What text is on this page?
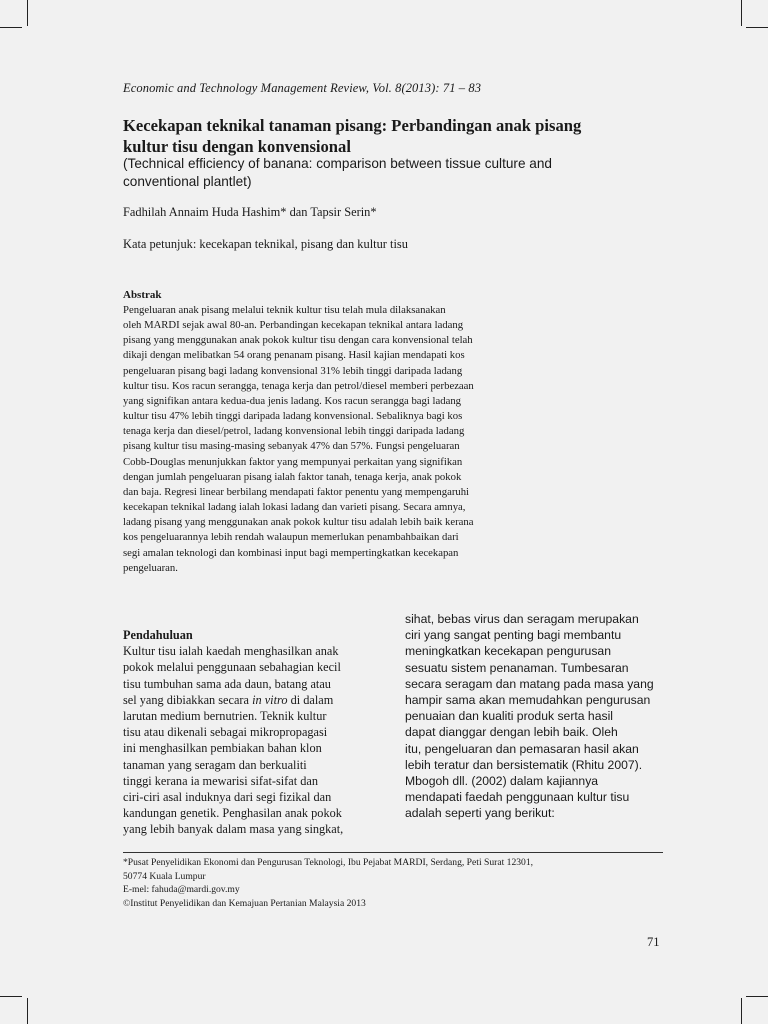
Economic and Technology Management Review, Vol. 8(2013): 71 – 83
Kecekapan teknikal tanaman pisang: Perbandingan anak pisang
kultur tisu dengan konvensional
(Technical efficiency of banana: comparison between tissue culture and
conventional plantlet)
Fadhilah Annaim Huda Hashim* dan Tapsir Serin*
Kata petunjuk: kecekapan teknikal, pisang dan kultur tisu
Abstrak
Pengeluaran anak pisang melalui teknik kultur tisu telah mula dilaksanakan
oleh MARDI sejak awal 80-an. Perbandingan kecekapan teknikal antara ladang
pisang yang menggunakan anak pokok kultur tisu dengan cara konvensional telah
dikaji dengan melibatkan 54 orang penanam pisang. Hasil kajian mendapati kos
pengeluaran pisang bagi ladang konvensional 31% lebih tinggi daripada ladang
kultur tisu. Kos racun serangga, tenaga kerja dan petrol/diesel memberi perbezaan
yang signifikan antara kedua-dua jenis ladang. Kos racun serangga bagi ladang
kultur tisu 47% lebih tinggi daripada ladang konvensional. Sebaliknya bagi kos
tenaga kerja dan diesel/petrol, ladang konvensional lebih tinggi daripada ladang
pisang kultur tisu masing-masing sebanyak 47% dan 57%. Fungsi pengeluaran
Cobb-Douglas menunjukkan faktor yang mempunyai perkaitan yang signifikan
dengan jumlah pengeluaran pisang ialah faktor tanah, tenaga kerja, anak pokok
dan baja. Regresi linear berbilang mendapati faktor penentu yang mempengaruhi
kecekapan teknikal ladang ialah lokasi ladang dan varieti pisang. Secara amnya,
ladang pisang yang menggunakan anak pokok kultur tisu adalah lebih baik kerana
kos pengeluarannya lebih rendah walaupun memerlukan penambahbaikan dari
segi amalan teknologi dan kombinasi input bagi mempertingkatkan kecekapan
pengeluaran.
Pendahuluan
Kultur tisu ialah kaedah menghasilkan anak
pokok melalui penggunaan sebahagian kecil
tisu tumbuhan sama ada daun, batang atau
sel yang dibiakkan secara in vitro di dalam
larutan medium bernutrien. Teknik kultur
tisu atau dikenali sebagai mikropropagasi
ini menghasilkan pembiakan bahan klon
tanaman yang seragam dan berkualiti
tinggi kerana ia mewarisi sifat-sifat dan
ciri-ciri asal induknya dari segi fizikal dan
kandungan genetik. Penghasilan anak pokok
yang lebih banyak dalam masa yang singkat,
sihat, bebas virus dan seragam merupakan
ciri yang sangat penting bagi membantu
meningkatkan kecekapan pengurusan
sesuatu sistem penanaman. Tumbesaran
secara seragam dan matang pada masa yang
hampir sama akan memudahkan pengurusan
penuaian dan kualiti produk serta hasil
dapat dianggar dengan lebih baik. Oleh
itu, pengeluaran dan pemasaran hasil akan
lebih teratur dan bersistematik (Rhitu 2007).
Mbogoh dll. (2002) dalam kajiannya
mendapati faedah penggunaan kultur tisu
adalah seperti yang berikut:
*Pusat Penyelidikan Ekonomi dan Pengurusan Teknologi, Ibu Pejabat MARDI, Serdang, Peti Surat 12301,
50774 Kuala Lumpur
E-mel: fahuda@mardi.gov.my
©Institut Penyelidikan dan Kemajuan Pertanian Malaysia 2013
71
